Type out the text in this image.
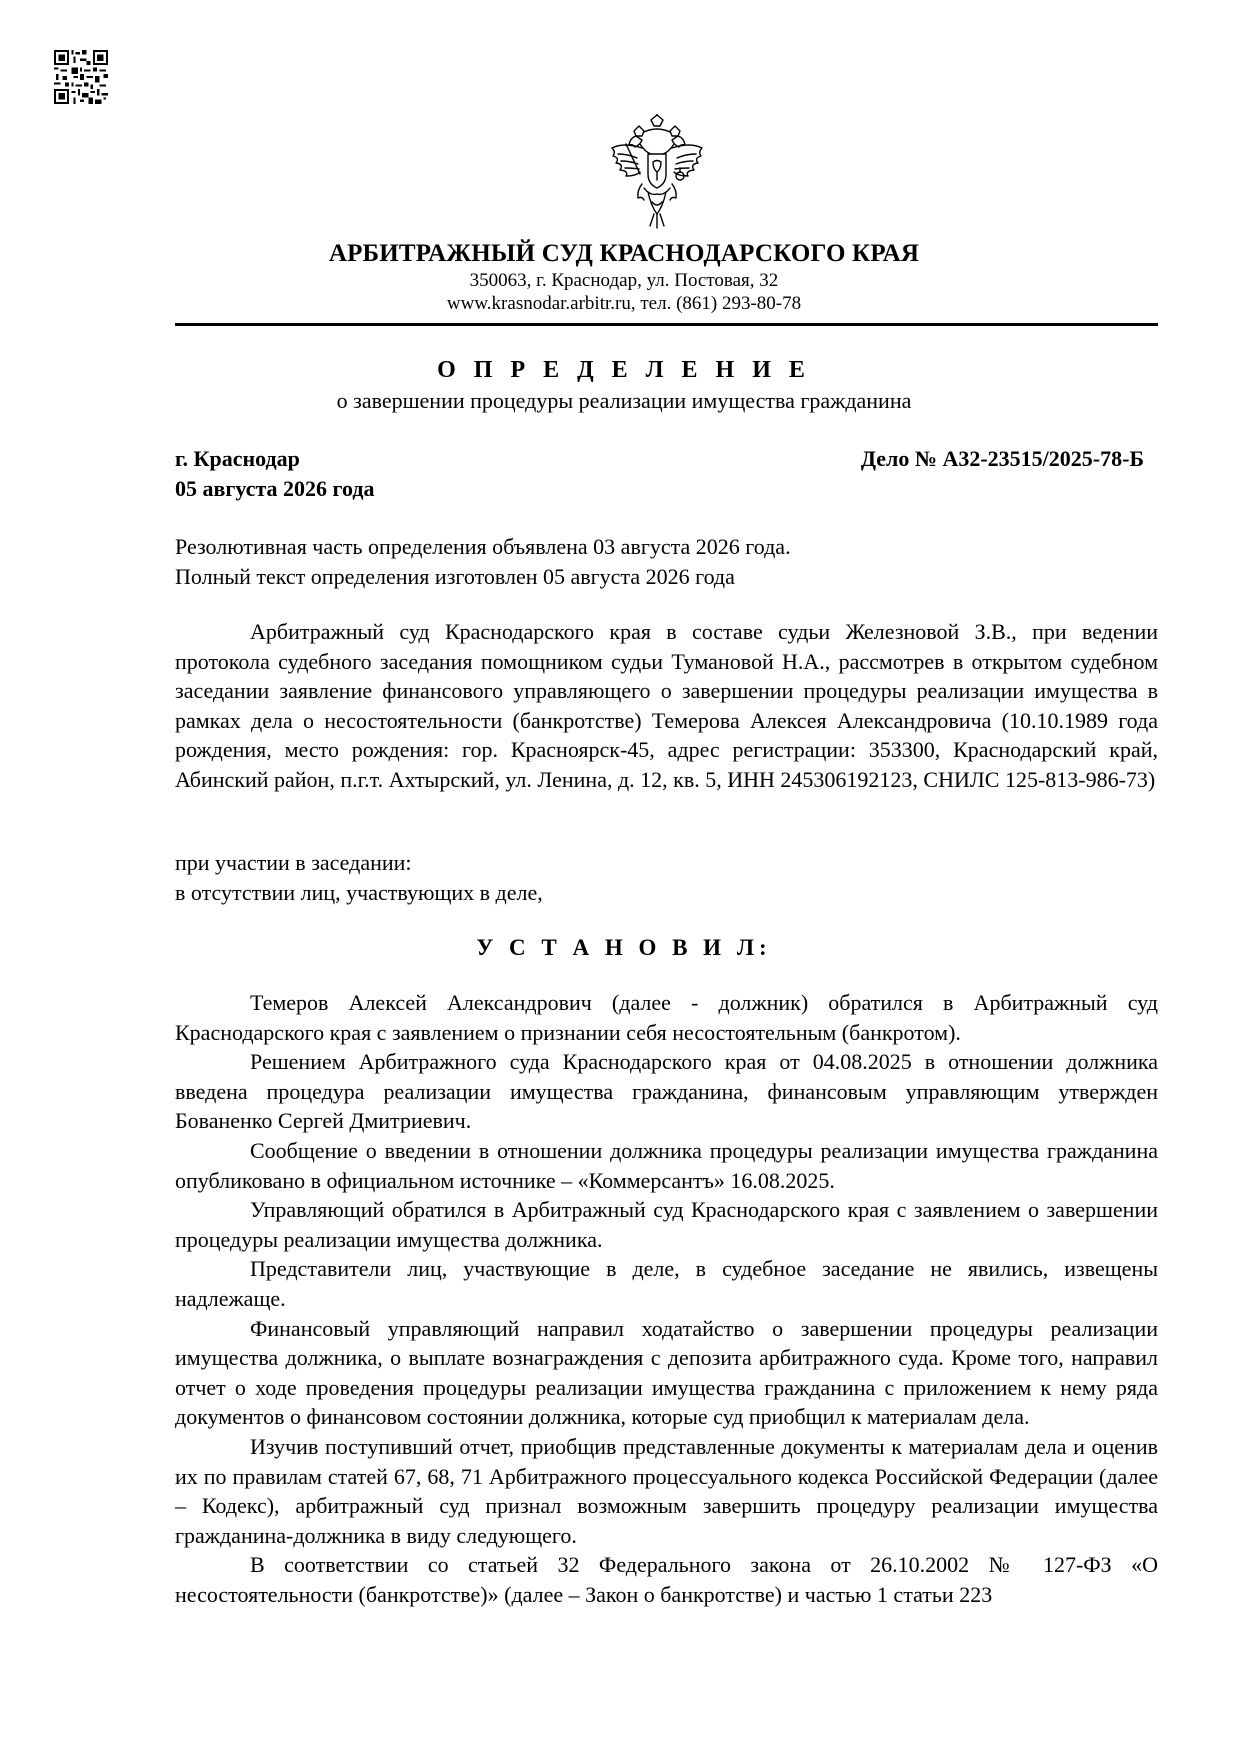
АРБИТРАЖНЫЙ СУД КРАСНОДАРСКОГО КРАЯ
350063, г. Краснодар, ул. Постовая, 32
www.krasnodar.arbitr.ru, тел. (861) 293-80-78
О П Р Е Д Е Л Е Н И Е
о завершении процедуры реализации имущества гражданина
г. Краснодар
05 августа 2026 года
Дело № А32-23515/2025-78-Б

Резолютивная часть определения объявлена 03 августа 2026 года.

Полный текст определения изготовлен 05 августа 2026 года

Арбитражный суд Краснодарского края в составе судьи Железновой З.В., при ведении протокола судебного заседания помощником судьи Тумановой Н.А., рассмотрев в открытом судебном заседании заявление финансового управляющего о завершении процедуры реализации имущества в рамках дела о несостоятельности (банкротстве) Темерова Алексея Александровича (10.10.1989 года рождения, место рождения: гор. Красноярск-45, адрес регистрации: 353300, Краснодарский край, Абинский район, п.г.т. Ахтырский, ул. Ленина, д. 12, кв. 5, ИНН 245306192123, СНИЛС 125-813-986-73)

при участии в заседании:

в отсутствии лиц, участвующих в деле,

У С Т А Н О В И Л:

Темеров Алексей Александрович (далее - должник) обратился в Арбитражный суд Краснодарского края с заявлением о признании себя несостоятельным (банкротом).

Решением Арбитражного суда Краснодарского края от 04.08.2025 в отношении должника введена процедура реализации имущества гражданина, финансовым управляющим утвержден Бованенко Сергей Дмитриевич.

Сообщение о введении в отношении должника процедуры реализации имущества гражданина опубликовано в официальном источнике – «Коммерсантъ» 16.08.2025.

Управляющий обратился в Арбитражный суд Краснодарского края с заявлением о завершении процедуры реализации имущества должника.

Представители лиц, участвующие в деле, в судебное заседание не явились, извещены надлежаще.

Финансовый управляющий направил ходатайство о завершении процедуры реализации имущества должника, о выплате вознаграждения с депозита арбитражного суда. Кроме того, направил отчет о ходе проведения процедуры реализации имущества гражданина с приложением к нему ряда документов о финансовом состоянии должника, которые суд приобщил к материалам дела.

Изучив поступивший отчет, приобщив представленные документы к материалам дела и оценив их по правилам статей 67, 68, 71 Арбитражного процессуального кодекса Российской Федерации (далее – Кодекс), арбитражный суд признал возможным завершить процедуру реализации имущества гражданина-должника в виду следующего.

В соответствии со статьей 32 Федерального закона от 26.10.2002 № 127-ФЗ «О несостоятельности (банкротстве)» (далее – Закон о банкротстве) и частью 1 статьи 223
